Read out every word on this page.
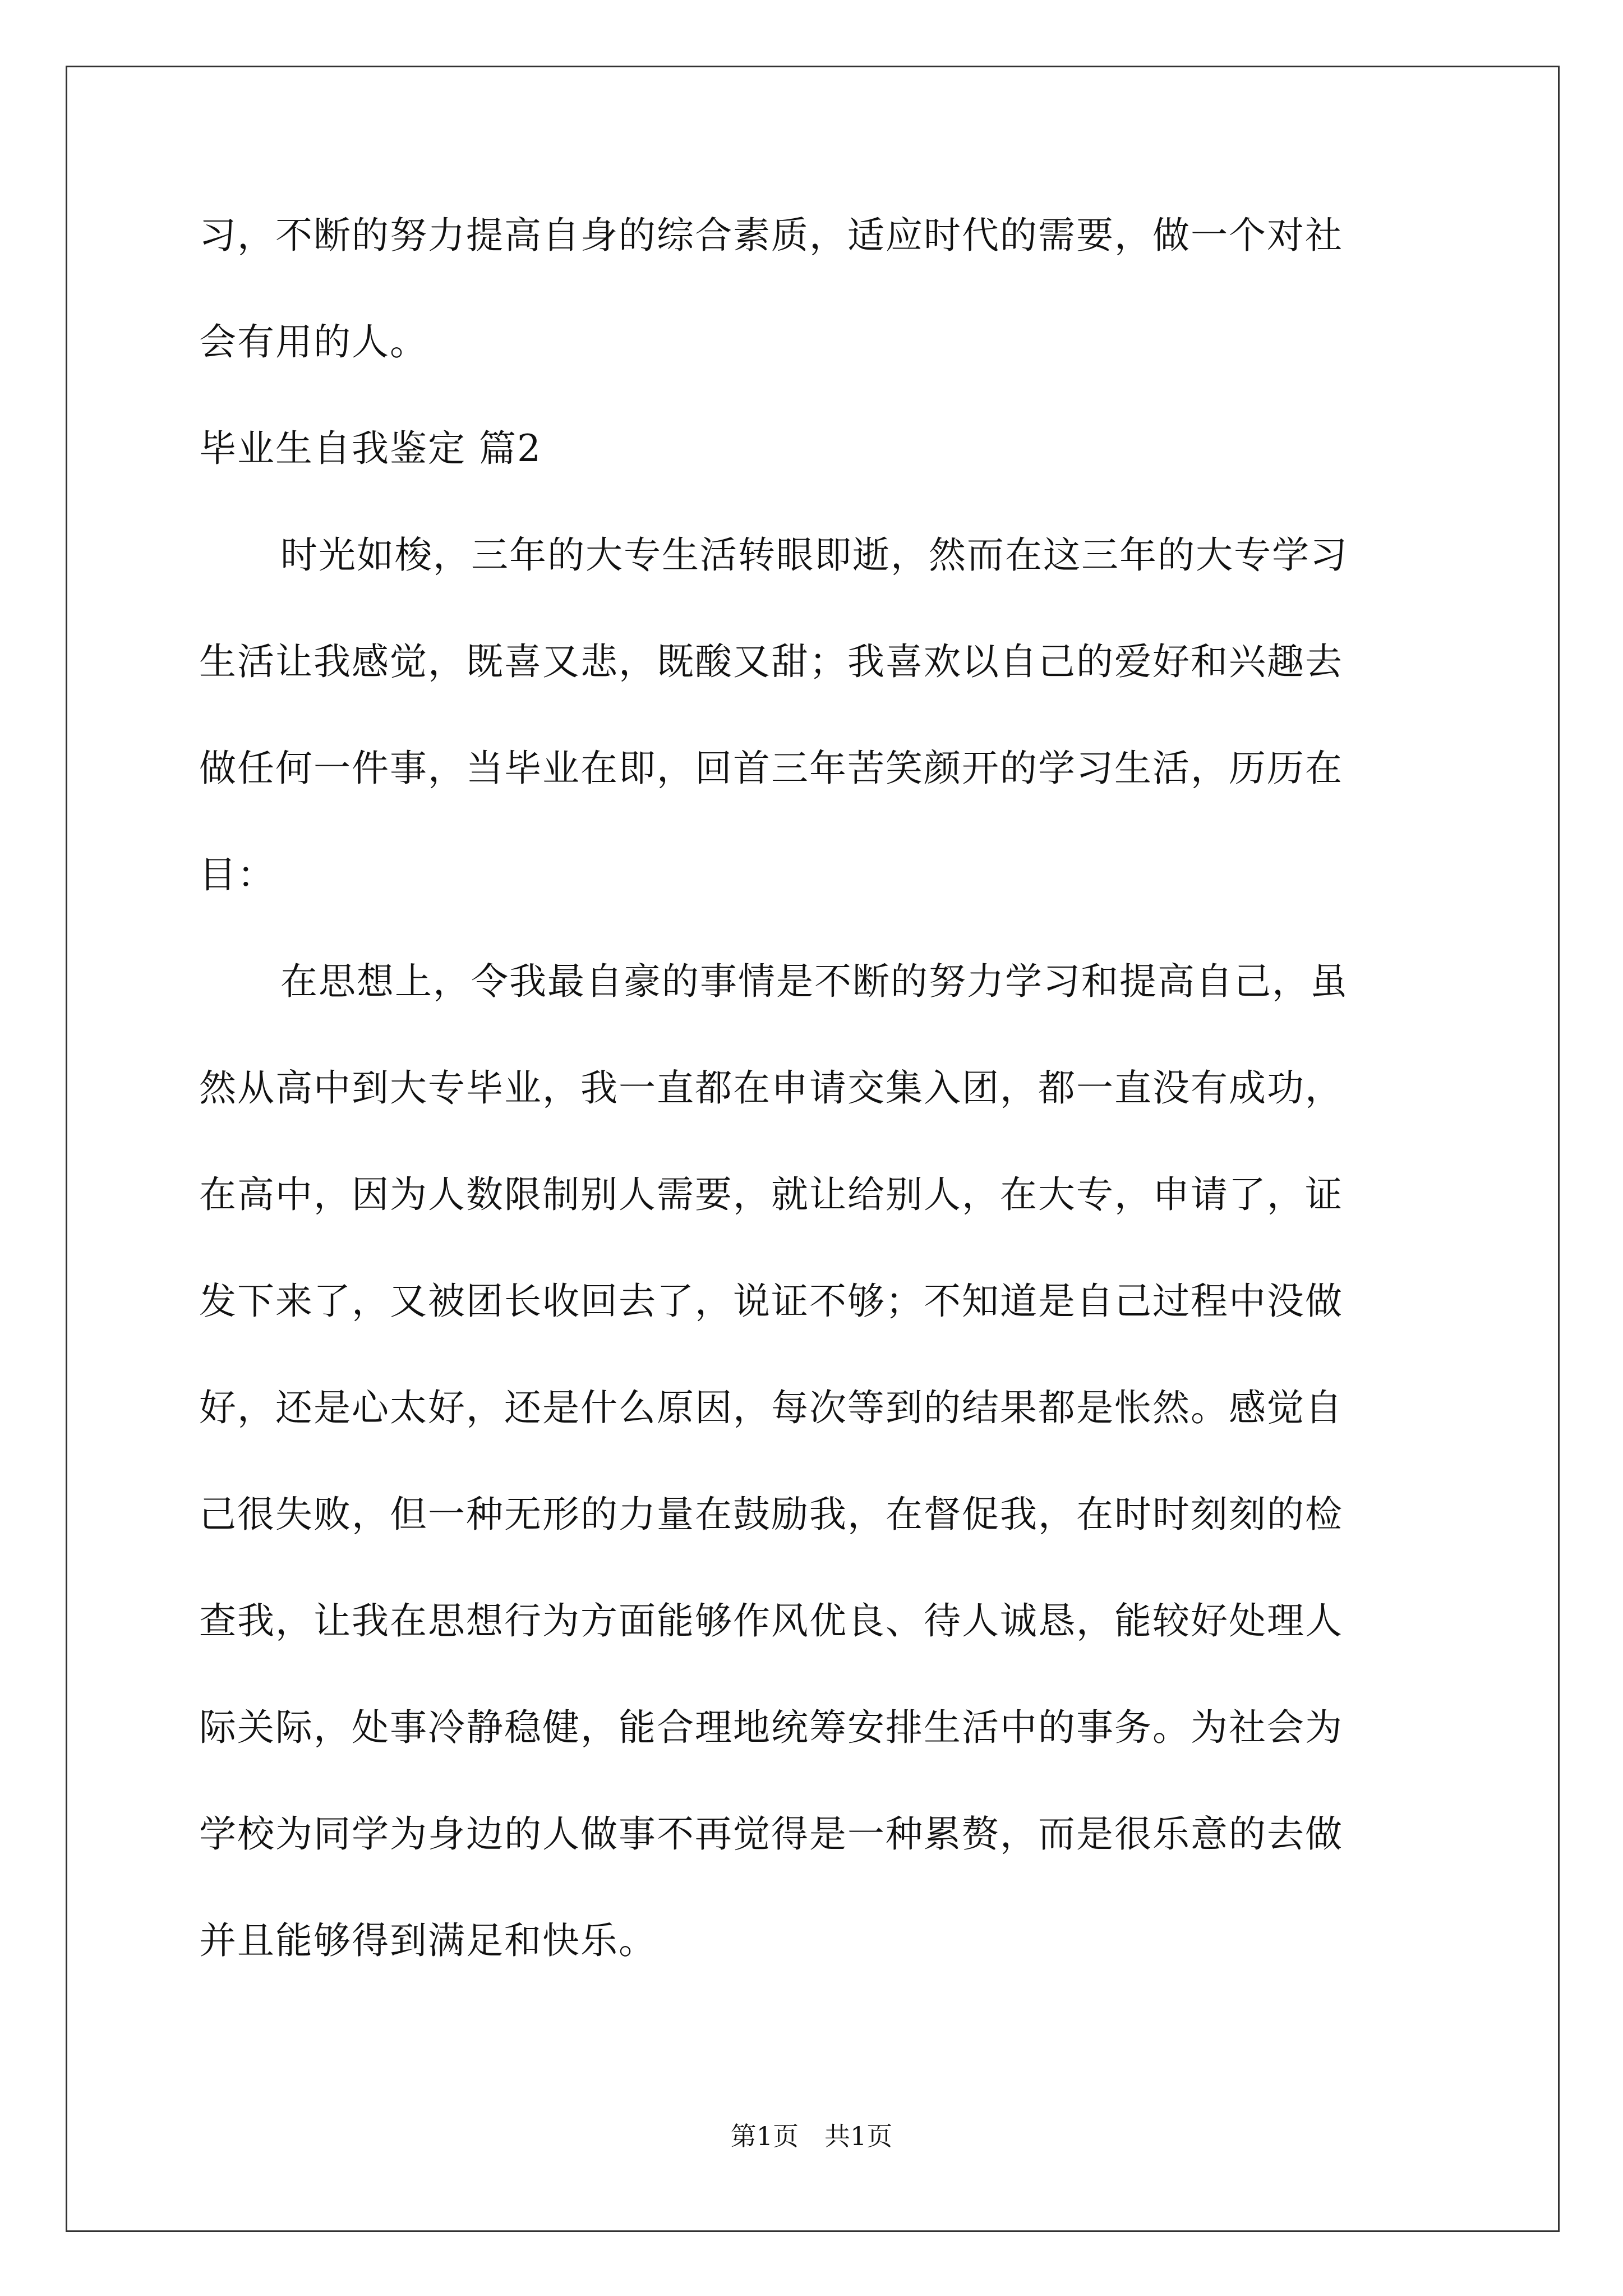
习，不断的努力提高自身的综合素质，适应时代的需要，做一个对社
会有用的人。
毕业生自我鉴定 篇2
时光如梭，三年的大专生活转眼即逝，然而在这三年的大专学习
生活让我感觉，既喜又悲，既酸又甜；我喜欢以自己的爱好和兴趣去
做任何一件事，当毕业在即，回首三年苦笑颜开的学习生活，历历在
目：
在思想上，令我最自豪的事情是不断的努力学习和提高自己，虽
然从高中到大专毕业，我一直都在申请交集入团，都一直没有成功，
在高中，因为人数限制别人需要，就让给别人，在大专，申请了，证
发下来了，又被团长收回去了，说证不够；不知道是自己过程中没做
好，还是心太好，还是什么原因，每次等到的结果都是怅然。感觉自
己很失败，但一种无形的力量在鼓励我，在督促我，在时时刻刻的检
查我，让我在思想行为方面能够作风优良、待人诚恳，能较好处理人
际关际，处事冷静稳健，能合理地统筹安排生活中的事务。为社会为
学校为同学为身边的人做事不再觉得是一种累赘，而是很乐意的去做
并且能够得到满足和快乐。
第1页　共1页
